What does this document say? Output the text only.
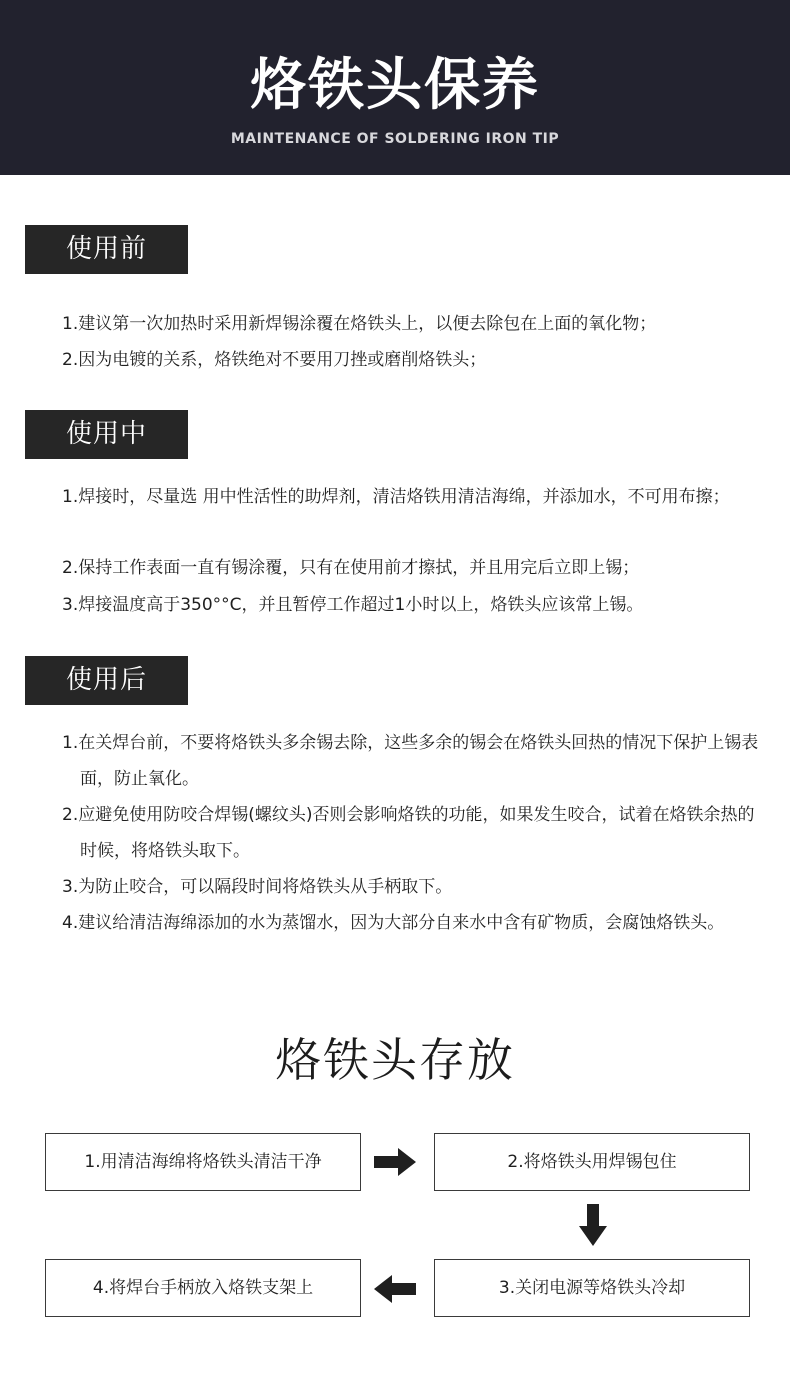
烙铁头保养
MAINTENANCE OF SOLDERING IRON TIP
使用前
1.建议第一次加热时采用新焊锡涂覆在烙铁头上，以便去除包在上面的氧化物；
2.因为电镀的关系，烙铁绝对不要用刀挫或磨削烙铁头；
使用中
1.焊接时，尽量选 用中性活性的助焊剂，清洁烙铁用清洁海绵，并添加水，不可用布擦；
2.保持工作表面一直有锡涂覆，只有在使用前才擦拭，并且用完后立即上锡；
3.焊接温度高于350°°C，并且暂停工作超过1小时以上，烙铁头应该常上锡。
使用后
1.在关焊台前，不要将烙铁头多余锡去除，这些多余的锡会在烙铁头回热的情况下保护上锡表面，防止氧化。
2.应避免使用防咬合焊锡(螺纹头)否则会影响烙铁的功能，如果发生咬合，试着在烙铁余热的时候，将烙铁头取下。
3.为防止咬合，可以隔段时间将烙铁头从手柄取下。
4.建议给清洁海绵添加的水为蒸馏水，因为大部分自来水中含有矿物质，会腐蚀烙铁头。
烙铁头存放
1.用清洁海绵将烙铁头清洁干净	2.将烙铁头用焊锡包住
3.关闭电源等烙铁头冷却
4.将焊台手柄放入烙铁支架上
